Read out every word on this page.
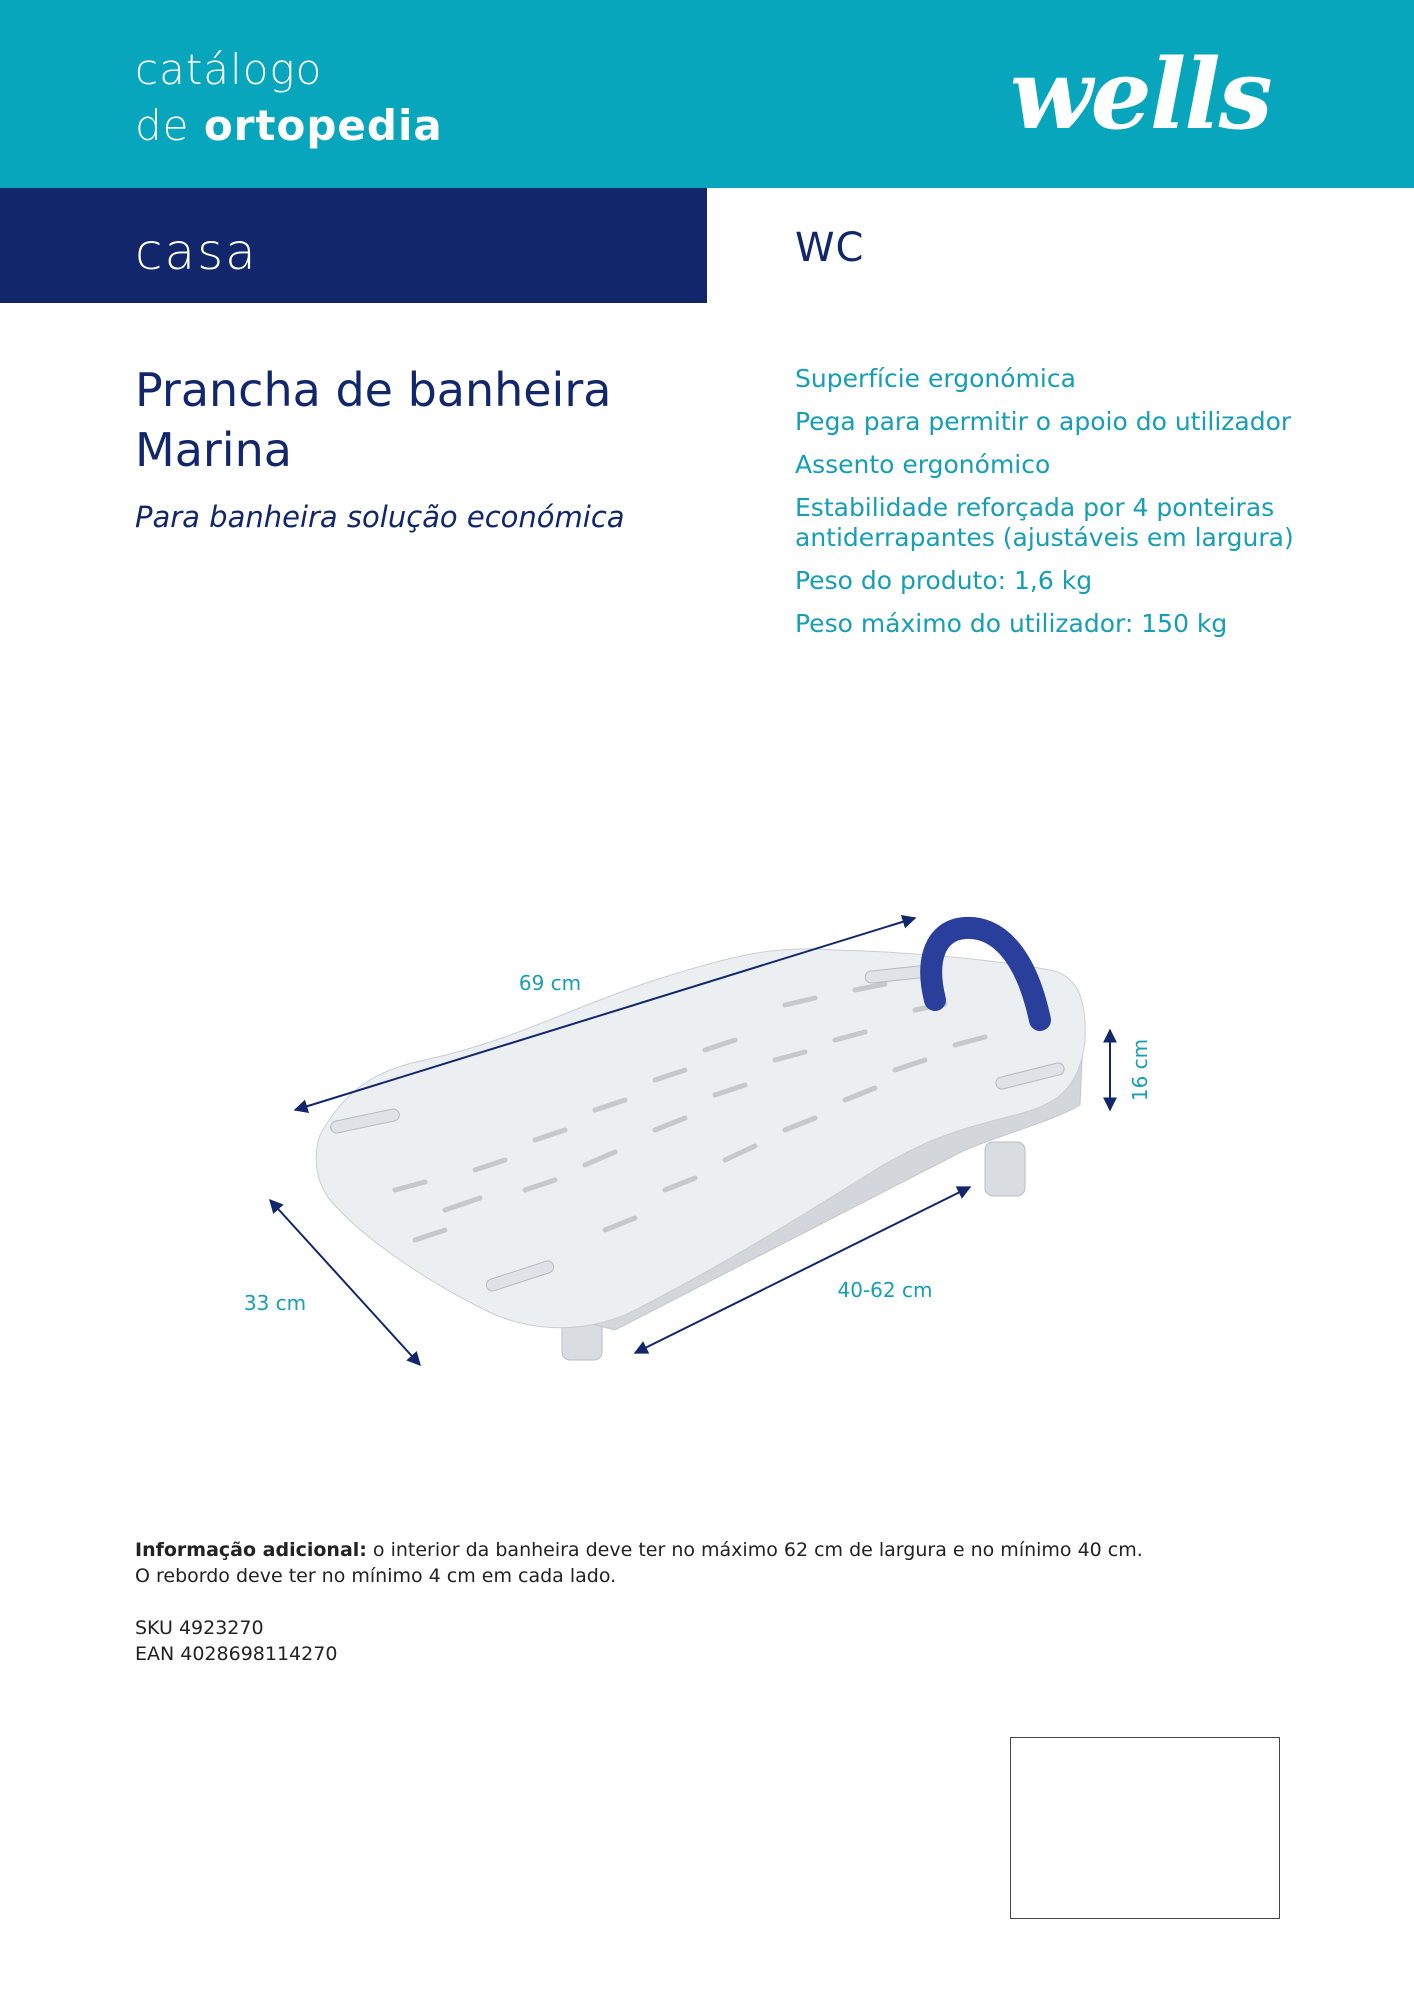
catálogo
de ortopedia	wells
casa	WC
Prancha de banheira
Marina

Para banheira solução económica

Superfície ergonómica
Pega para permitir o apoio do utilizador
Assento ergonómico
Estabilidade reforçada por 4 ponteiras antiderrapantes (ajustáveis em largura)
Peso do produto: 1,6 kg
Peso máximo do utilizador: 150 kg
69 cm
33 cm
40-62 cm
16 cm

Informação adicional: o interior da banheira deve ter no máximo 62 cm de largura e no mínimo 40 cm.
O rebordo deve ter no mínimo 4 cm em cada lado.

SKU 4923270
EAN 4028698114270
